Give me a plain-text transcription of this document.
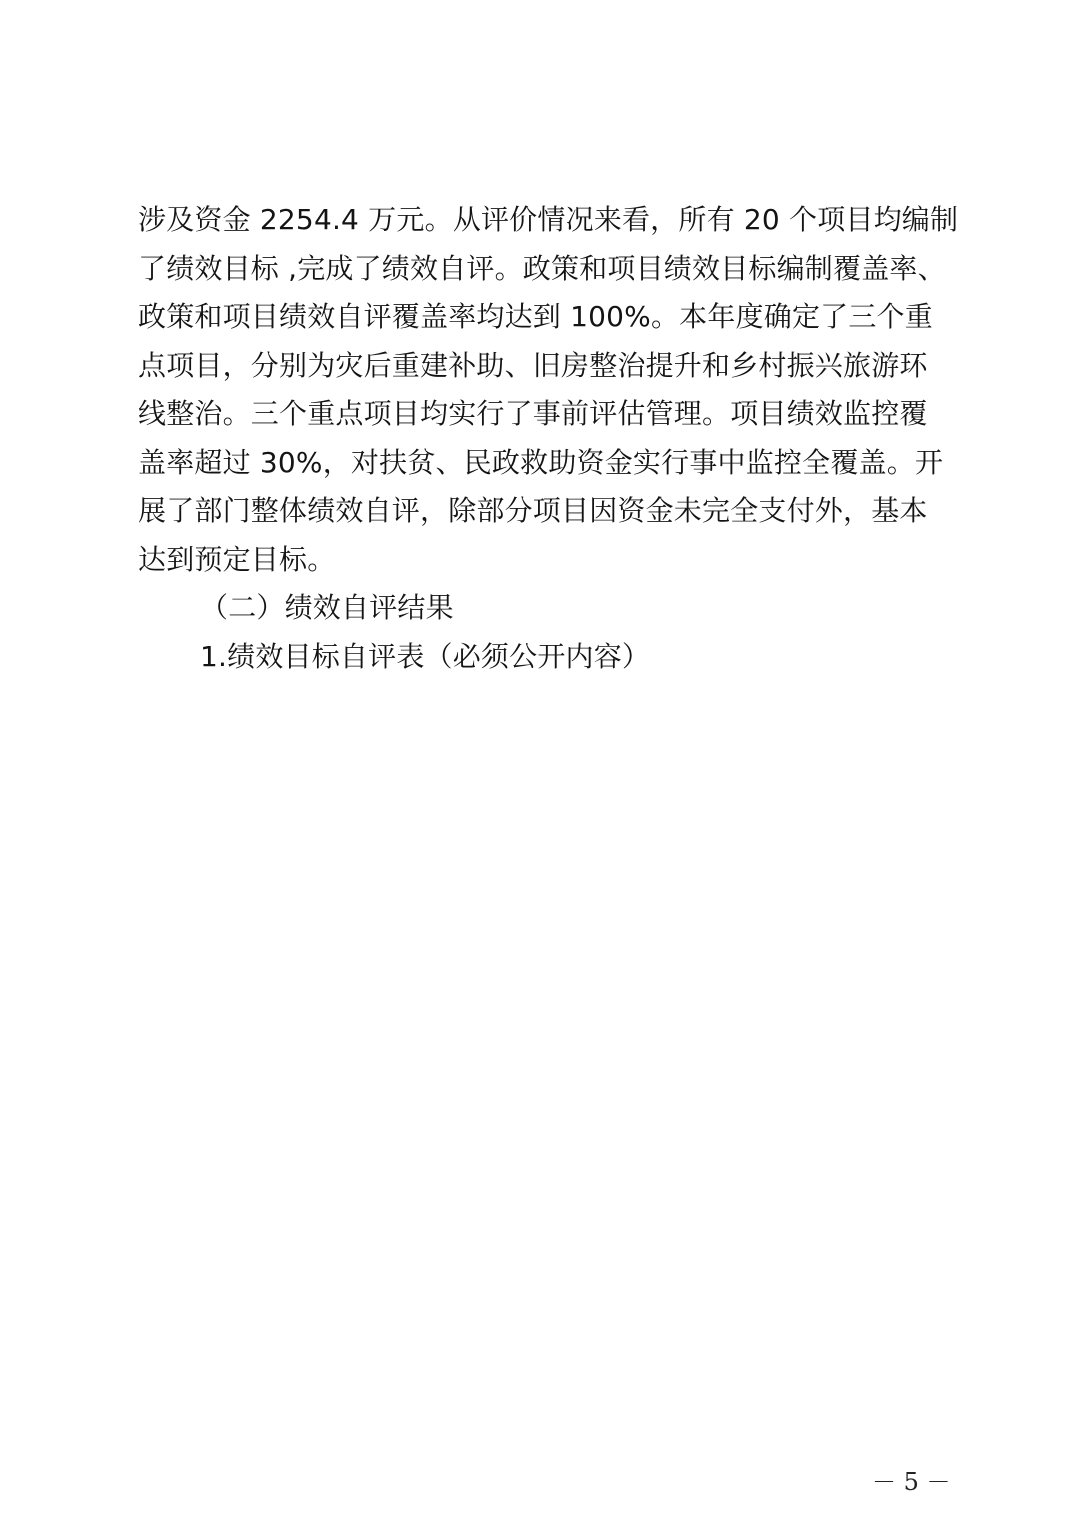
涉及资金 2254.4 万元。从评价情况来看，所有 20 个项目均编制
了绩效目标 ,完成了绩效自评。政策和项目绩效目标编制覆盖率、
政策和项目绩效自评覆盖率均达到 100%。本年度确定了三个重
点项目，分别为灾后重建补助、旧房整治提升和乡村振兴旅游环
线整治。三个重点项目均实行了事前评估管理。项目绩效监控覆
盖率超过 30%，对扶贫、民政救助资金实行事中监控全覆盖。开
展了部门整体绩效自评，除部分项目因资金未完全支付外，基本
达到预定目标。
（二）绩效自评结果
1.绩效目标自评表（必须公开内容）
－ 5 －
